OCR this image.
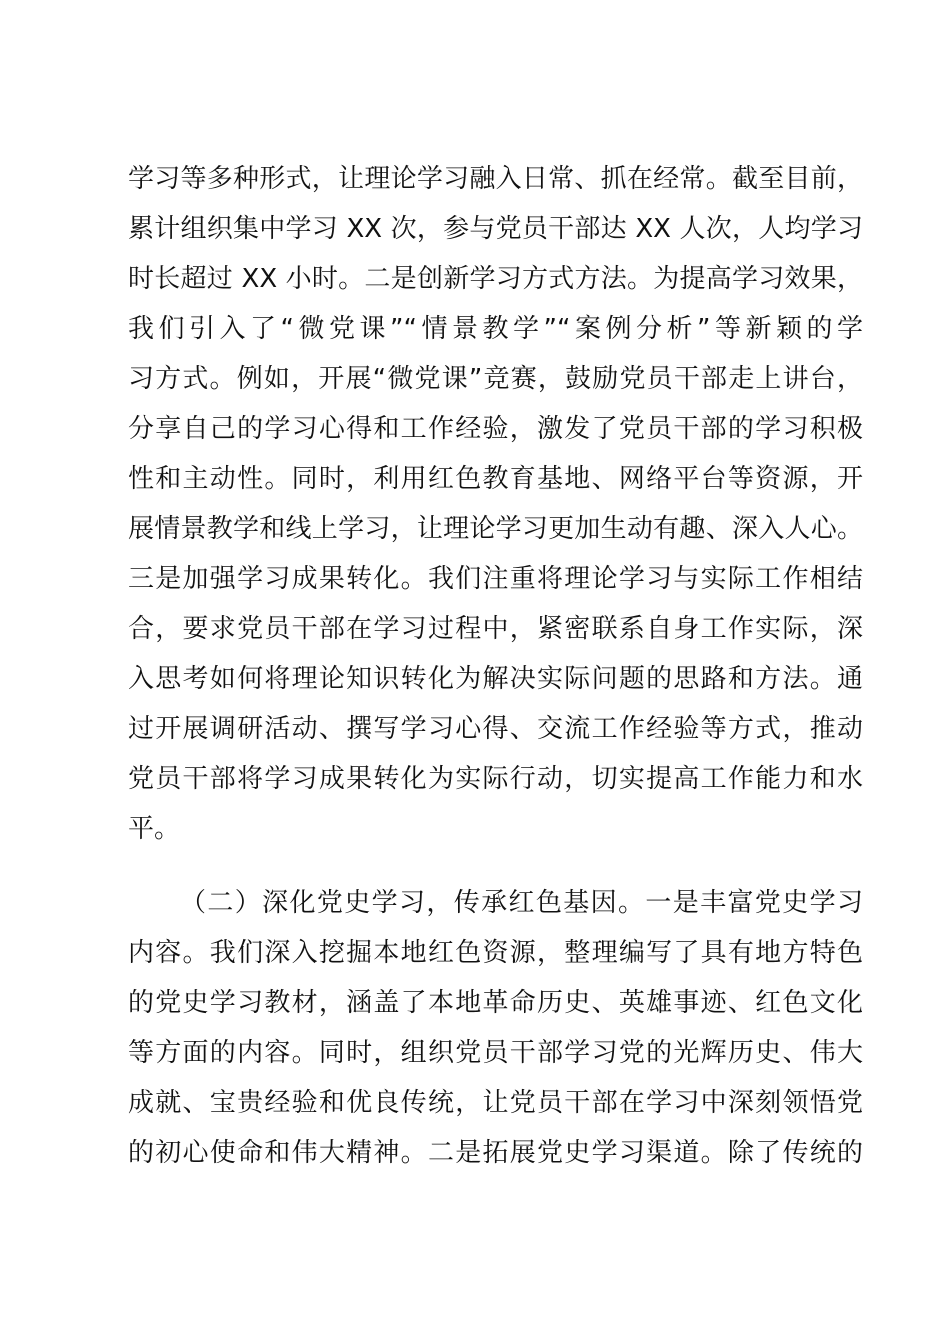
学习等多种形式，让理论学习融入日常、抓在经常。截至目前，
累计组织集中学习 XX 次，参与党员干部达 XX 人次，人均学习
时长超过 XX 小时。二是创新学习方式方法。为提高学习效果，
我们引入了“微党课”“情景教学”“案例分析”等新颖的学
习方式。例如，开展“微党课”竞赛，鼓励党员干部走上讲台，
分享自己的学习心得和工作经验，激发了党员干部的学习积极
性和主动性。同时，利用红色教育基地、网络平台等资源，开
展情景教学和线上学习，让理论学习更加生动有趣、深入人心。
三是加强学习成果转化。我们注重将理论学习与实际工作相结
合，要求党员干部在学习过程中，紧密联系自身工作实际，深
入思考如何将理论知识转化为解决实际问题的思路和方法。通
过开展调研活动、撰写学习心得、交流工作经验等方式，推动
党员干部将学习成果转化为实际行动，切实提高工作能力和水
平。
（二）深化党史学习，传承红色基因。一是丰富党史学习
内容。我们深入挖掘本地红色资源，整理编写了具有地方特色
的党史学习教材，涵盖了本地革命历史、英雄事迹、红色文化
等方面的内容。同时，组织党员干部学习党的光辉历史、伟大
成就、宝贵经验和优良传统，让党员干部在学习中深刻领悟党
的初心使命和伟大精神。二是拓展党史学习渠道。除了传统的
